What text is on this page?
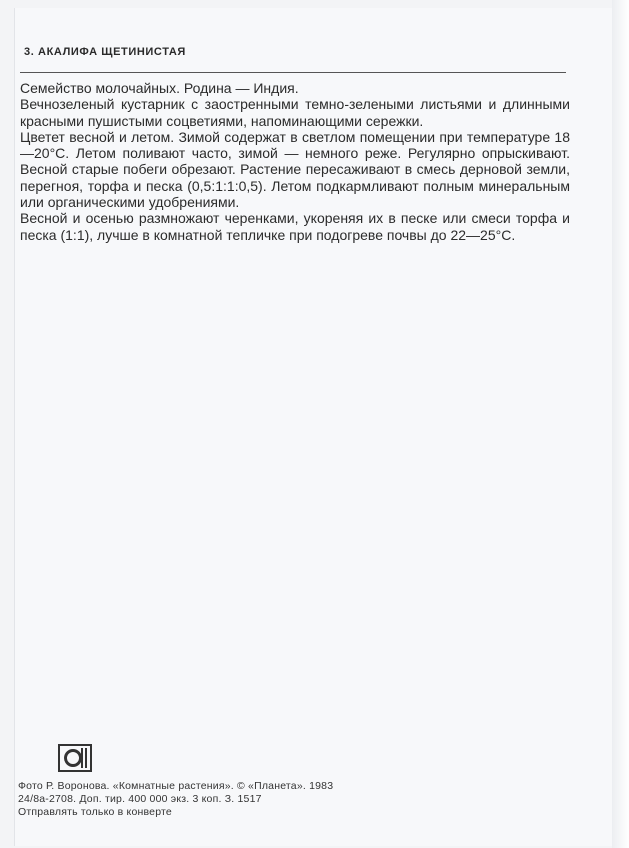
3. АКАЛИФА ЩЕТИНИСТАЯ

Семейство молочайных. Родина — Индия.

Вечнозеленый кустарник с заостренными темно-зелеными листьями и длинными красными пушистыми соцветиями, напоминающими сережки.

Цветет весной и летом. Зимой содержат в светлом помещении при температуре 18—20°C. Летом поливают часто, зимой — немного реже. Регулярно опрыскивают. Весной старые побеги обрезают. Растение пересаживают в смесь дерновой земли, перегноя, торфа и песка (0,5:1:1:0,5). Летом подкармливают полным минеральным или органическими удобрениями.

Весной и осенью размножают черенками, укореняя их в песке или смеси торфа и песка (1:1), лучше в комнатной тепличке при подогреве почвы до 22—25°C.

Фото Р. Воронова. «Комнатные растения». © «Планета». 1983
24/8а-2708. Доп. тир. 400 000 экз. 3 коп. З. 1517
Отправлять только в конверте
